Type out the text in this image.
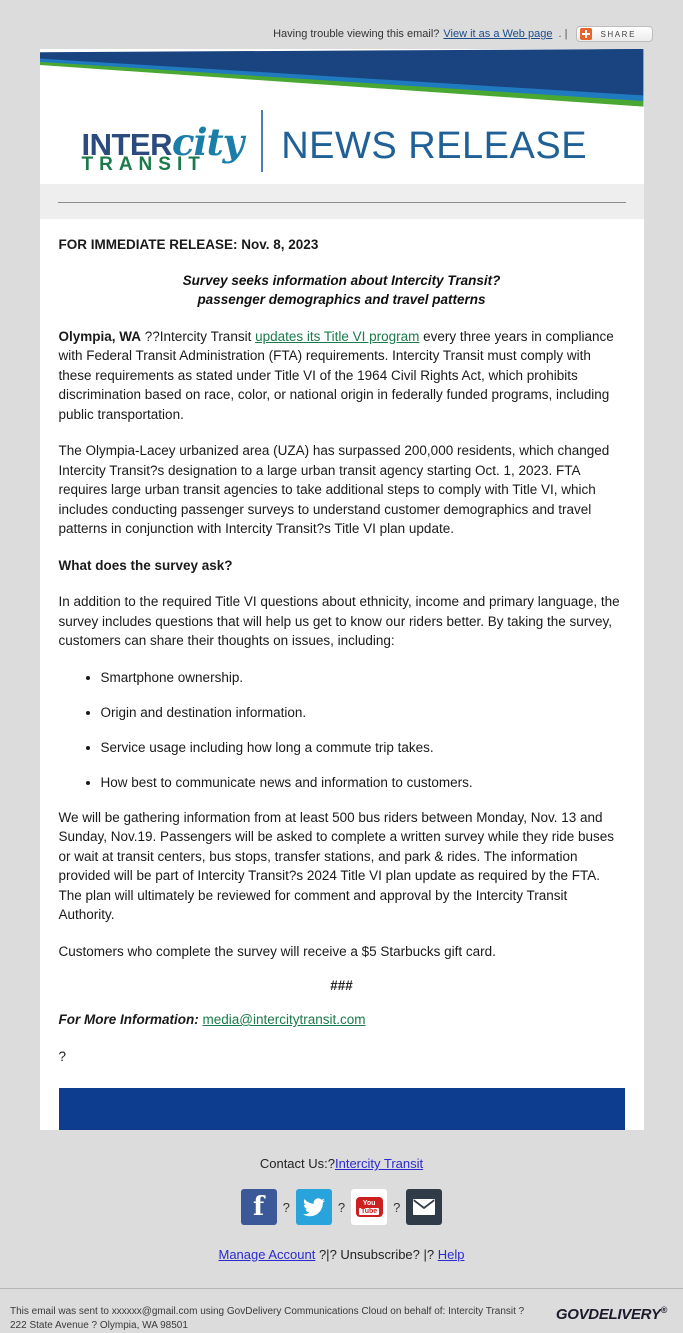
Having trouble viewing this email? View it as a Web page . |	SHARE
INTERcity
TRANSIT	NEWS RELEASE

FOR IMMEDIATE RELEASE: Nov. 8, 2023

Survey seeks information about Intercity Transit?
passenger demographics and travel patterns

Olympia, WA ??Intercity Transit updates its Title VI program every three years in compliance with Federal Transit Administration (FTA) requirements. Intercity Transit must comply with these requirements as stated under Title VI of the 1964 Civil Rights Act, which prohibits discrimination based on race, color, or national origin in federally funded programs, including public transportation.

The Olympia-Lacey urbanized area (UZA) has surpassed 200,000 residents, which changed Intercity Transit?s designation to a large urban transit agency starting Oct. 1, 2023. FTA requires large urban transit agencies to take additional steps to comply with Title VI, which includes conducting passenger surveys to understand customer demographics and travel patterns in conjunction with Intercity Transit?s Title VI plan update.

What does the survey ask?

In addition to the required Title VI questions about ethnicity, income and primary language, the survey includes questions that will help us get to know our riders better. By taking the survey, customers can share their thoughts on issues, including:

• Smartphone ownership.
• Origin and destination information.
• Service usage including how long a commute trip takes.
• How best to communicate news and information to customers.

We will be gathering information from at least 500 bus riders between Monday, Nov. 13 and Sunday, Nov.19. Passengers will be asked to complete a written survey while they ride buses or wait at transit centers, bus stops, transfer stations, and park & rides. The information provided will be part of Intercity Transit?s 2024 Title VI plan update as required by the FTA. The plan will ultimately be reviewed for comment and approval by the Intercity Transit Authority.

Customers who complete the survey will receive a $5 Starbucks gift card.

###

For More Information: media@intercitytransit.com

?

Contact Us:?Intercity Transit
f ?	?	You
Tube ?
Manage Account ?|? Unsubscribe? |? Help
This email was sent to xxxxxx@gmail.com using GovDelivery Communications Cloud on behalf of: Intercity Transit ? 222 State Avenue ? Olympia, WA 98501
GOVDELIVERY®
